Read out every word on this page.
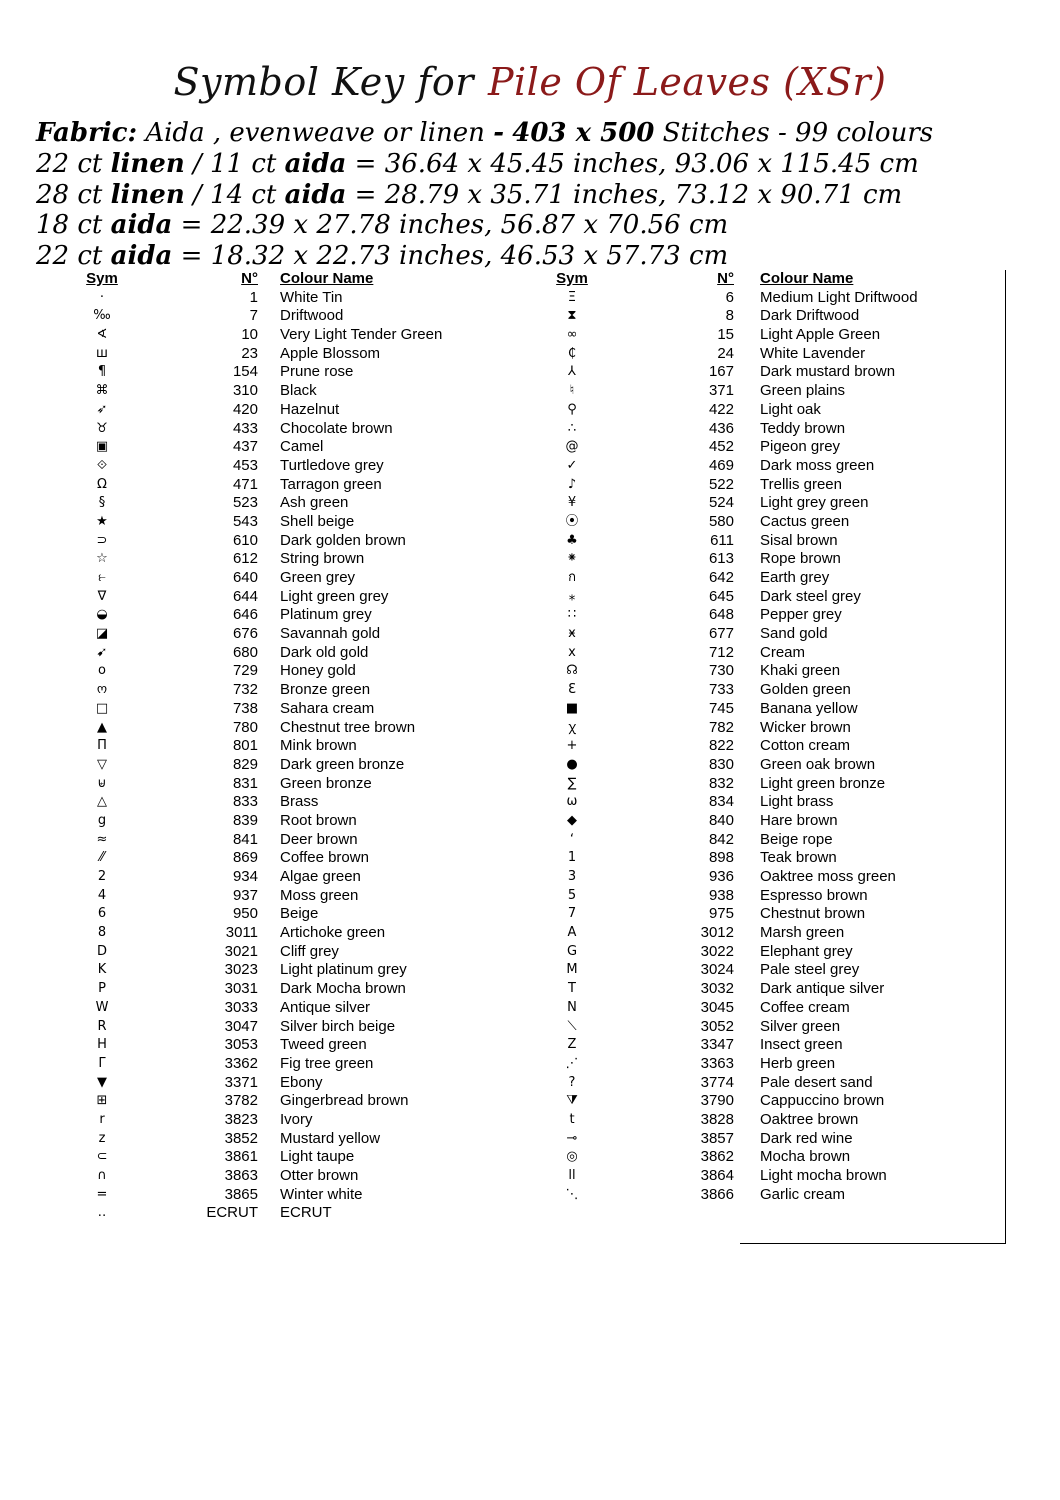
Symbol Key for Pile Of Leaves (XSr)
Fabric: Aida , evenweave or linen - 403 x 500 Stitches - 99 colours
22 ct linen / 11 ct aida = 36.64 x 45.45 inches, 93.06 x 115.45 cm
28 ct linen / 14 ct aida = 28.79 x 35.71 inches, 73.12 x 90.71 cm
18 ct aida = 22.39 x 27.78 inches, 56.87 x 70.56 cm
22 ct aida = 18.32 x 22.73 inches, 46.53 x 57.73 cm
Sym	N° Colour Name
·	1 White Tin
‰	7 Driftwood
∢	10 Very Light Tender Green
ш	23 Apple Blossom
¶	154 Prune rose
⌘	310 Black
➶	420 Hazelnut
♉	433 Chocolate brown
▣	437 Camel
⟐	453 Turtledove grey
Ω	471 Tarragon green
§	523 Ash green
★	543 Shell beige
⊃	610 Dark golden brown
☆	612 String brown
⥼	640 Green grey
∇	644 Light green grey
◒	646 Platinum grey
◪	676 Savannah gold
➹	680 Dark old gold
o	729 Honey gold
ო	732 Bronze green
□	738 Sahara cream
▲	780 Chestnut tree brown
Π	801 Mink brown
▽	829 Dark green bronze
⊌	831 Green bronze
△	833 Brass
g	839 Root brown
≈	841 Deer brown
⁄⁄	869 Coffee brown
2	934 Algae green
4	937 Moss green
6	950 Beige
8	3011 Artichoke green
D	3021 Cliff grey
K	3023 Light platinum grey
P	3031 Dark Mocha brown
W	3033 Antique silver
R	3047 Silver birch beige
H	3053 Tweed green
Γ	3362 Fig tree green
▼	3371 Ebony
⊞	3782 Gingerbread brown
r	3823 Ivory
z	3852 Mustard yellow
⊂	3861 Light taupe
∩	3863 Otter brown
=	3865 Winter white
‥	ECRUT ECRUT
Sym	N° Colour Name
Ξ	6 Medium Light Driftwood
⧗	8 Dark Driftwood
∞	15 Light Apple Green
₵	24 White Lavender
⅄	167 Dark mustard brown
♮	371 Green plains
⚲	422 Light oak
∴	436 Teddy brown
@	452 Pigeon grey
✓	469 Dark moss green
♪	522 Trellis green
¥	524 Light grey green
⦿	580 Cactus green
♣	611 Sisal brown
⁕	613 Rope brown
ก	642 Earth grey
⁎	645 Dark steel grey
∷	648 Pepper grey
ӿ	677 Sand gold
x	712 Cream
☊	730 Khaki green
Ɛ	733 Golden green
■	745 Banana yellow
ꭓ	782 Wicker brown
+	822 Cotton cream
●	830 Green oak brown
∑	832 Light green bronze
ω	834 Light brass
◆	840 Hare brown
ʻ	842 Beige rope
1	898 Teak brown
3	936 Oaktree moss green
5	938 Espresso brown
7	975 Chestnut brown
A	3012 Marsh green
G	3022 Elephant grey
M	3024 Pale steel grey
T	3032 Dark antique silver
N	3045 Coffee cream
⟍	3052 Silver green
Z	3347 Insect green
⋰	3363 Herb green
?	3774 Pale desert sand
⧩	3790 Cappuccino brown
t	3828 Oaktree brown
⊸	3857 Dark red wine
◎	3862 Mocha brown
ll	3864 Light mocha brown
⋱	3866 Garlic cream
